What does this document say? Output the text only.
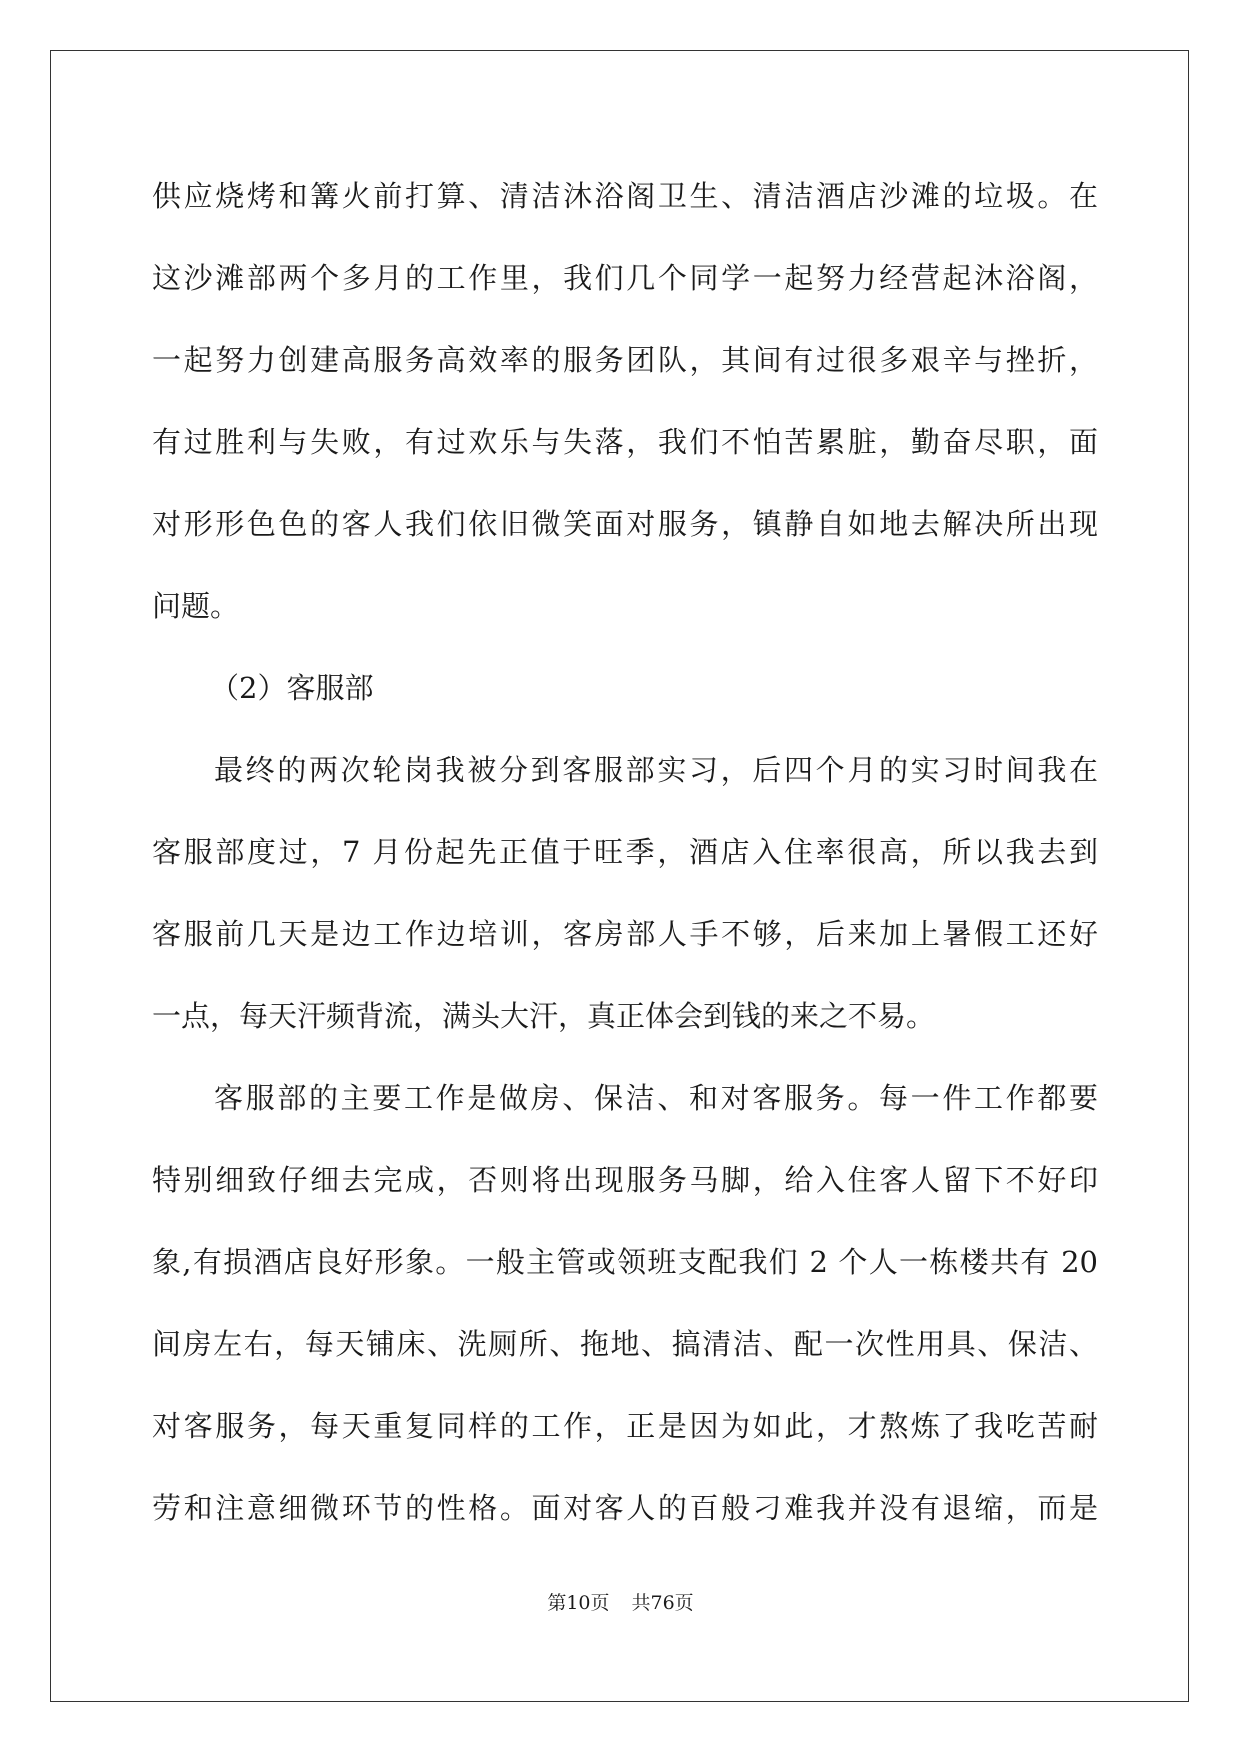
供应烧烤和篝火前打算、清洁沐浴阁卫生、清洁酒店沙滩的垃圾。在
这沙滩部两个多月的工作里，我们几个同学一起努力经营起沐浴阁，
一起努力创建高服务高效率的服务团队，其间有过很多艰辛与挫折，
有过胜利与失败，有过欢乐与失落，我们不怕苦累脏，勤奋尽职，面
对形形色色的客人我们依旧微笑面对服务，镇静自如地去解决所出现
问题。
（2）客服部
最终的两次轮岗我被分到客服部实习，后四个月的实习时间我在
客服部度过，7 月份起先正值于旺季，酒店入住率很高，所以我去到
客服前几天是边工作边培训，客房部人手不够，后来加上暑假工还好
一点，每天汗频背流，满头大汗，真正体会到钱的来之不易。
客服部的主要工作是做房、保洁、和对客服务。每一件工作都要
特别细致仔细去完成，否则将出现服务马脚，给入住客人留下不好印
象,有损酒店良好形象。一般主管或领班支配我们 2 个人一栋楼共有 20
间房左右，每天铺床、洗厕所、拖地、搞清洁、配一次性用具、保洁、
对客服务，每天重复同样的工作，正是因为如此，才熬炼了我吃苦耐
劳和注意细微环节的性格。面对客人的百般刁难我并没有退缩，而是
第10页 共76页
